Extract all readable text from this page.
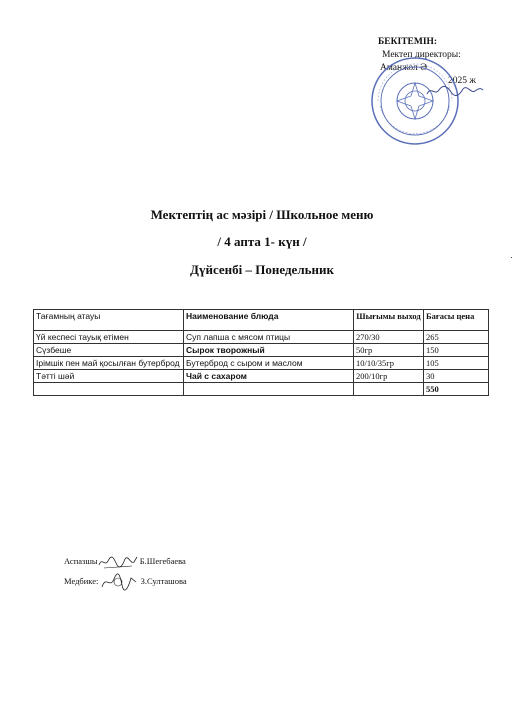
БЕКІТЕМІН:
Мектеп директоры:
Аманжол Ә.
2025 ж
Мектептің ас мәзірі / Школьное меню
/ 4 апта 1- күн /
Дүйсенбі – Понедельник
Тағамның атауы	Наименование блюда	Шығымы выход	Бағасы цена
Үй кеспесі тауық етімен	Суп лапша с мясом птицы	270/30	265
Сүзбеше	Сырок творожный	50гр	150
Ірімшік пен май қосылған бутерброд	Бутерброд с сыром и маслом	10/10/35гр	105
Тәтті шәй	Чай с сахаром	200/10гр	30
			550
Аспазшы	Б.Шегебаева
Медбике:	З.Султашова
